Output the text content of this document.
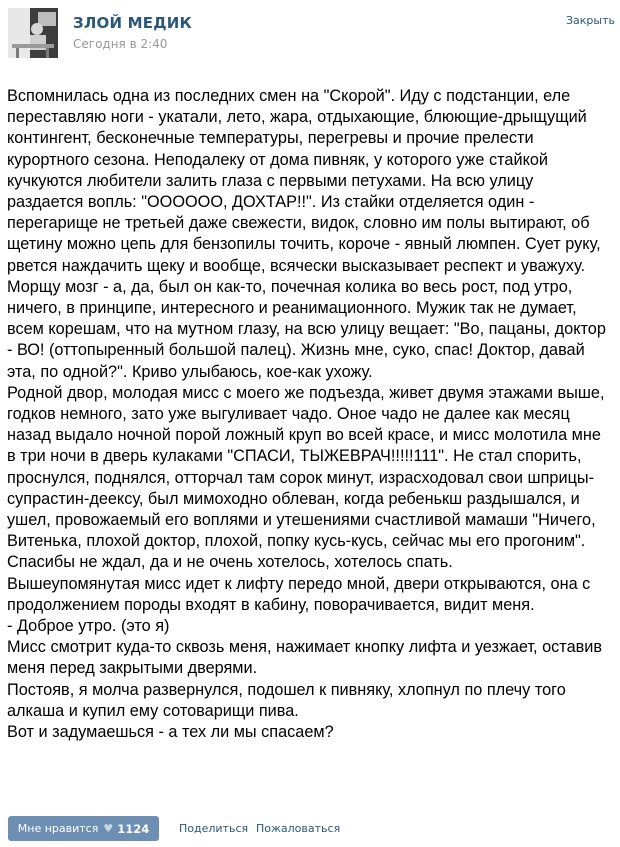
ЗЛОЙ МЕДИК
Сегодня в 2:40
Закрыть

Вспомнилась одна из последних смен на "Скорой". Иду с подстанции, еле переставляю ноги - укатали, лето, жара, отдыхающие, блюющие-дрыщущий контингент, бесконечные температуры, перегревы и прочие прелести курортного сезона. Неподалеку от дома пивняк, у которого уже стайкой кучкуются любители залить глаза с первыми петухами. На всю улицу раздается вопль: "ОООООО, ДОХТАР!!". Из стайки отделяется один - перегарище не третьей даже свежести, видок, словно им полы вытирают, об щетину можно цепь для бензопилы точить, короче - явный люмпен. Сует руку, рвется наждачить щеку и вообще, всячески высказывает респект и уважуху. Морщу мозг - а, да, был он как-то, почечная колика во весь рост, под утро, ничего, в принципе, интересного и реанимационного. Мужик так не думает, всем корешам, что на мутном глазу, на всю улицу вещает: "Во, пацаны, доктор - ВО! (оттопыренный большой палец). Жизнь мне, суко, спас! Доктор, давай эта, по одной?". Криво улыбаюсь, кое-как ухожу.

Родной двор, молодая мисс с моего же подъезда, живет двумя этажами выше, годков немного, зато уже выгуливает чадо. Оное чадо не далее как месяц назад выдало ночной порой ложный круп во всей красе, и мисс молотила мне в три ночи в дверь кулаками "СПАСИ, ТЫЖЕВРАЧ!!!!!111". Не стал спорить, проснулся, поднялся, отторчал там сорок минут, израсходовал свои шприцы-супрастин-деексу, был мимоходно облеван, когда ребенькш раздышался, и ушел, провожаемый его воплями и утешениями счастливой мамаши "Ничего, Витенька, плохой доктор, плохой, попку кусь-кусь, сейчас мы его прогоним". Спасибы не ждал, да и не очень хотелось, хотелось спать.

Вышеупомянутая мисс идет к лифту передо мной, двери открываются, она с продолжением породы входят в кабину, поворачивается, видит меня.

- Доброе утро. (это я)

Мисс смотрит куда-то сквозь меня, нажимает кнопку лифта и уезжает, оставив меня перед закрытыми дверями.

Постояв, я молча развернулся, подошел к пивняку, хлопнул по плечу того алкаша и купил ему сотоварищи пива.

Вот и задумаешься - а тех ли мы спасаем?

Мне нравится ♥ 1124	Поделиться Пожаловаться
